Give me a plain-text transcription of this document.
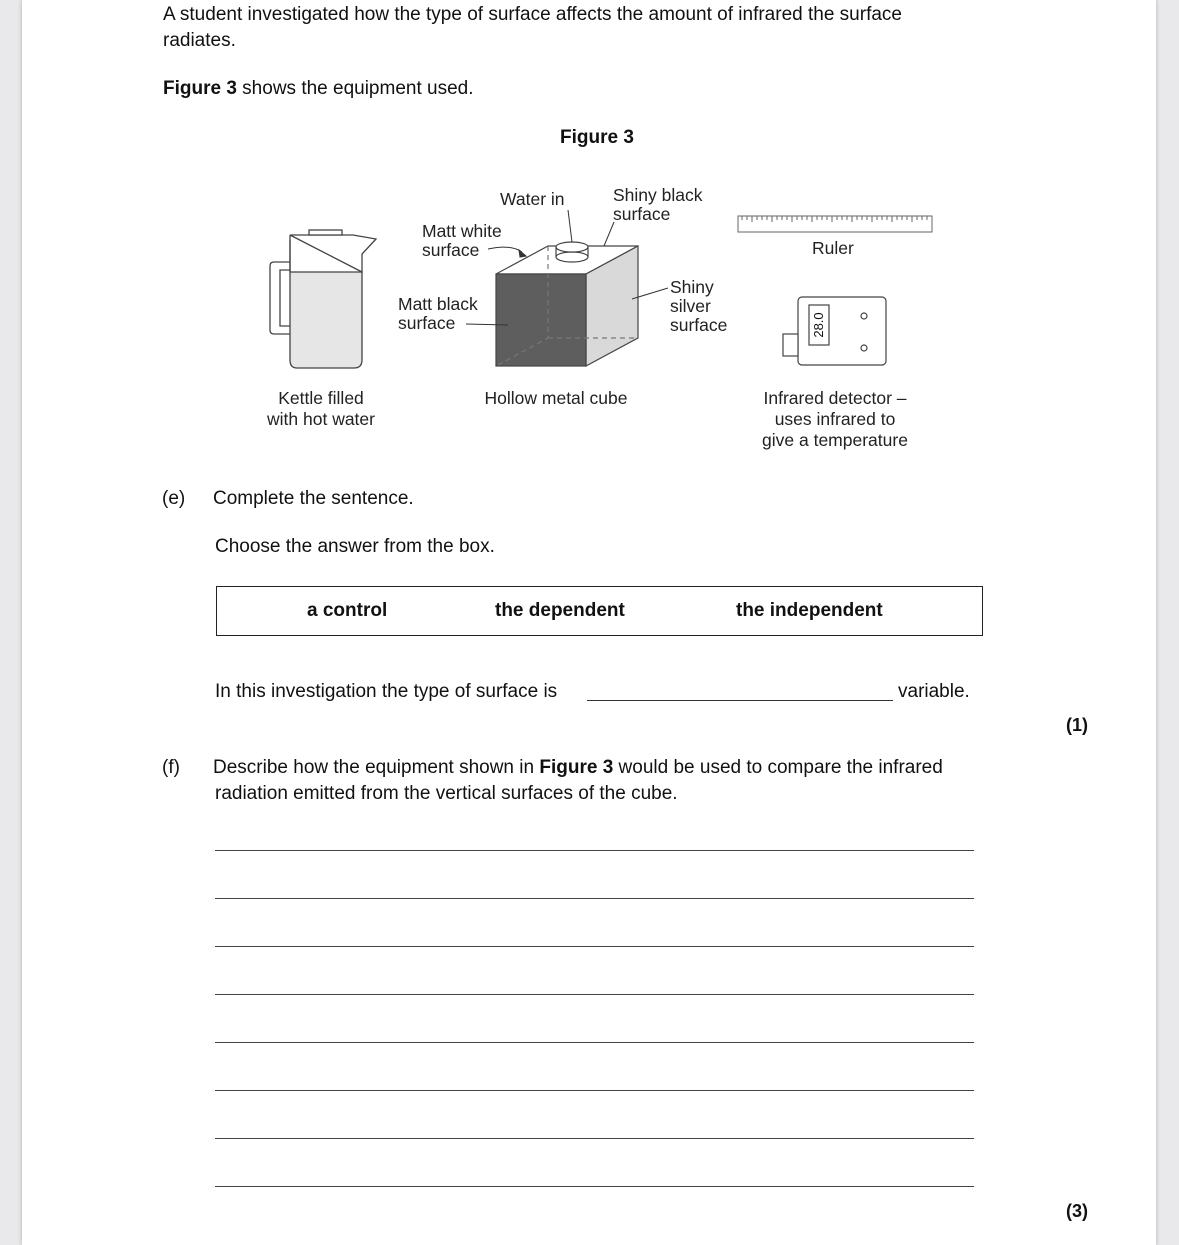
A student investigated how the type of surface affects the amount of infrared the surface
radiates.
Figure 3 shows the equipment used.
Figure 3
28.0
Water in	Shiny black
surface
Matt white
surface
Matt black
surface
Shiny
silver
surface
Ruler
Kettle filled
with hot water
Hollow metal cube	Infrared detector –
uses infrared to
give a temperature
(e) Complete the sentence.
Choose the answer from the box.
a control	the dependent	the independent
In this investigation the type of surface is	variable.
(1)
(f) Describe how the equipment shown in Figure 3 would be used to compare the infrared
radiation emitted from the vertical surfaces of the cube.
(3)
